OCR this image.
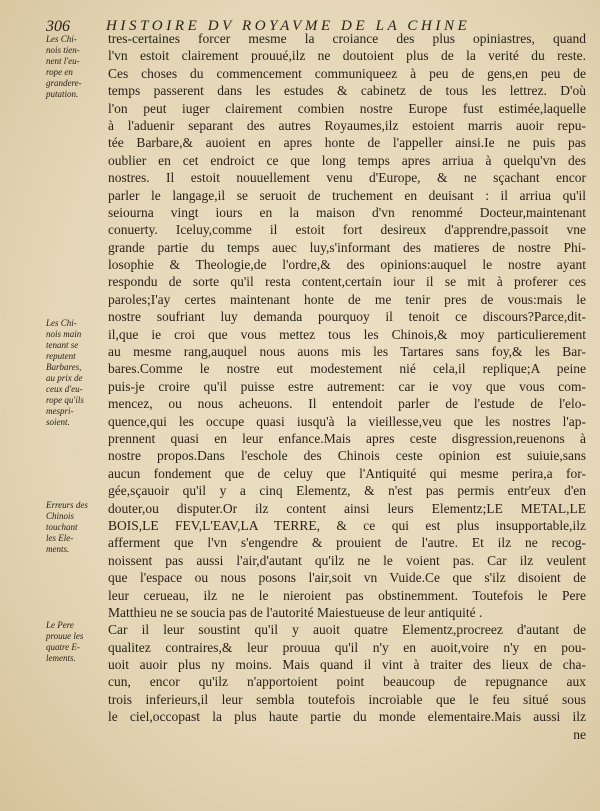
306 HISTOIRE DV ROYAVME DE LA CHINE
Les Chi-
nois tien-
nent l'eu-
rope en
grandere-
putation.
Les Chi-
nois main
tenant se
reputent
Barbares,
au prix de
ceux d'eu-
rope qu'ils
mespri-
soient.
Erreurs des
Chinois
touchant
les Ele-
ments.
Le Pere
prouue les
quatre E-
lements.
tres-certaines forcer mesme la croiance des plus opiniastres, quand
l'vn estoit clairement prouué,ilz ne doutoient plus de la verité du reste.
Ces choses du commencement communiqueez à peu de gens,en peu de
temps passerent dans les estudes & cabinetz de tous les lettrez. D'où
l'on peut iuger clairement combien nostre Europe fust estimée,laquelle
à l'aduenir separant des autres Royaumes,ilz estoient marris auoir repu-
tée Barbare,& auoient en apres honte de l'appeller ainsi.Ie ne puis pas
oublier en cet endroict ce que long temps apres arriua à quelqu'vn des
nostres. Il estoit nouuellement venu d'Europe, & ne sçachant encor
parler le langage,il se seruoit de truchement en deuisant : il arriua qu'il
seiourna vingt iours en la maison d'vn renommé Docteur,maintenant
conuerty. Iceluy,comme il estoit fort desireux d'apprendre,passoit vne
grande partie du temps auec luy,s'informant des matieres de nostre Phi-
losophie & Theologie,de l'ordre,& des opinions:auquel le nostre ayant
respondu de sorte qu'il resta content,certain iour il se mit à proferer ces
paroles;I'ay certes maintenant honte de me tenir pres de vous:mais le
nostre soufriant luy demanda pourquoy il tenoit ce discours?Parce,dit-
il,que ie croi que vous mettez tous les Chinois,& moy particulierement
au mesme rang,auquel nous auons mis les Tartares sans foy,& les Bar-
bares.Comme le nostre eut modestement nié cela,il replique;A peine
puis-je croire qu'il puisse estre autrement: car ie voy que vous com-
mencez, ou nous acheuons. Il entendoit parler de l'estude de l'elo-
quence,qui les occupe quasi iusqu'à la vieillesse,veu que les nostres l'ap-
prennent quasi en leur enfance.Mais apres ceste disgression,reuenons à
nostre propos.Dans l'eschole des Chinois ceste opinion est suiuie,sans
aucun fondement que de celuy que l'Antiquité qui mesme perira,a for-
gée,sçauoir qu'il y a cinq Elementz, & n'est pas permis entr'eux d'en
douter,ou disputer.Or ilz content ainsi leurs Elementz;LE METAL,LE
BOIS,LE FEV,L'EAV,LA TERRE, & ce qui est plus insupportable,ilz
afferment que l'vn s'engendre & prouient de l'autre. Et ilz ne recog-
noissent pas aussi l'air,d'autant qu'ilz ne le voient pas. Car ilz veulent
que l'espace ou nous posons l'air,soit vn Vuide.Ce que s'ilz disoient de
leur cerueau, ilz ne le nieroient pas obstinemment. Toutefois le Pere
Matthieu ne se soucia pas de l'autorité Maiestueuse de leur antiquité .
Car il leur soustint qu'il y auoit quatre Elementz,procreez d'autant de
qualitez contraires,& leur prouua qu'il n'y en auoit,voire n'y en pou-
uoit auoir plus ny moins. Mais quand il vint à traiter des lieux de cha-
cun, encor qu'ilz n'apportoient point beaucoup de repugnance aux
trois inferieurs,il leur sembla toutefois incroiable que le feu situé sous
le ciel,occopast la plus haute partie du monde elementaire.Mais aussi ilz
ne
